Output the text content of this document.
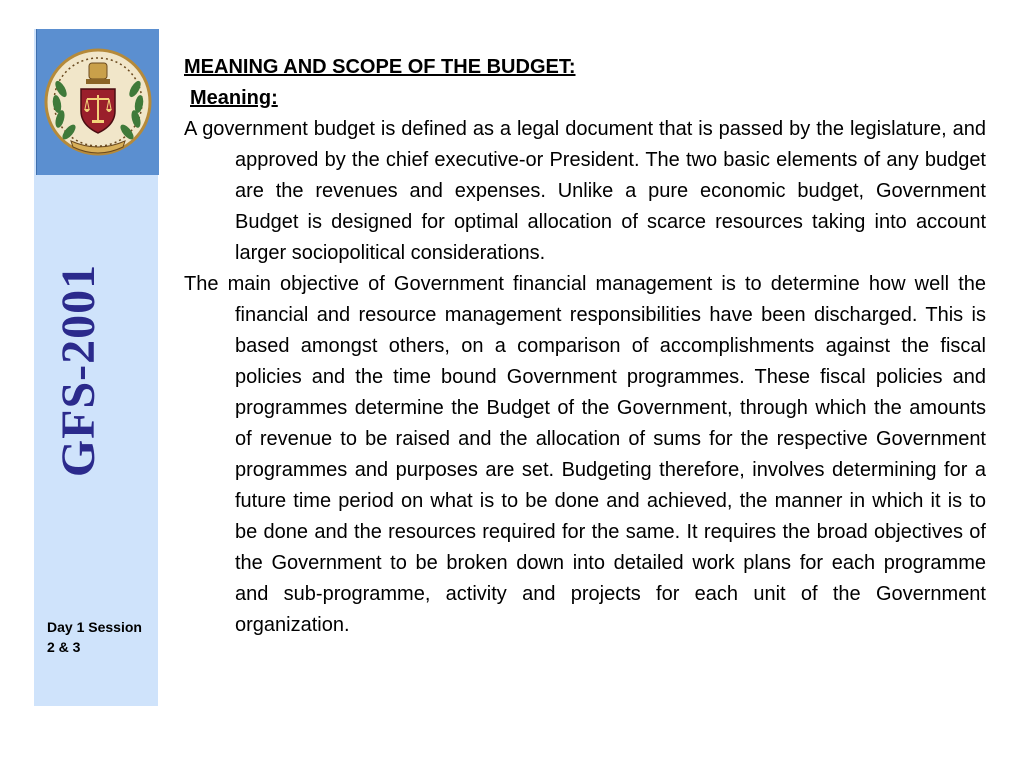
GFS-2001
Day 1 Session 2 & 3

MEANING AND SCOPE OF THE BUDGET:

Meaning:

A government budget is defined as a legal document that is passed by the legislature, and approved by the chief executive-or President. The two basic elements of any budget are the revenues and expenses. Unlike a pure economic budget, Government Budget is designed for optimal allocation of scarce resources taking into account larger sociopolitical considerations.

The main objective of Government financial management is to determine how well the financial and resource management responsibilities have been discharged. This is based amongst others, on a comparison of accomplishments against the fiscal policies and the time bound Government programmes. These fiscal policies and programmes determine the Budget of the Government, through which the amounts of revenue to be raised and the allocation of sums for the respective Government programmes and purposes are set. Budgeting therefore, involves determining for a future time period on what is to be done and achieved, the manner in which it is to be done and the resources required for the same. It requires the broad objectives of the Government to be broken down into detailed work plans for each programme and sub-programme, activity and projects for each unit of the Government organization.
